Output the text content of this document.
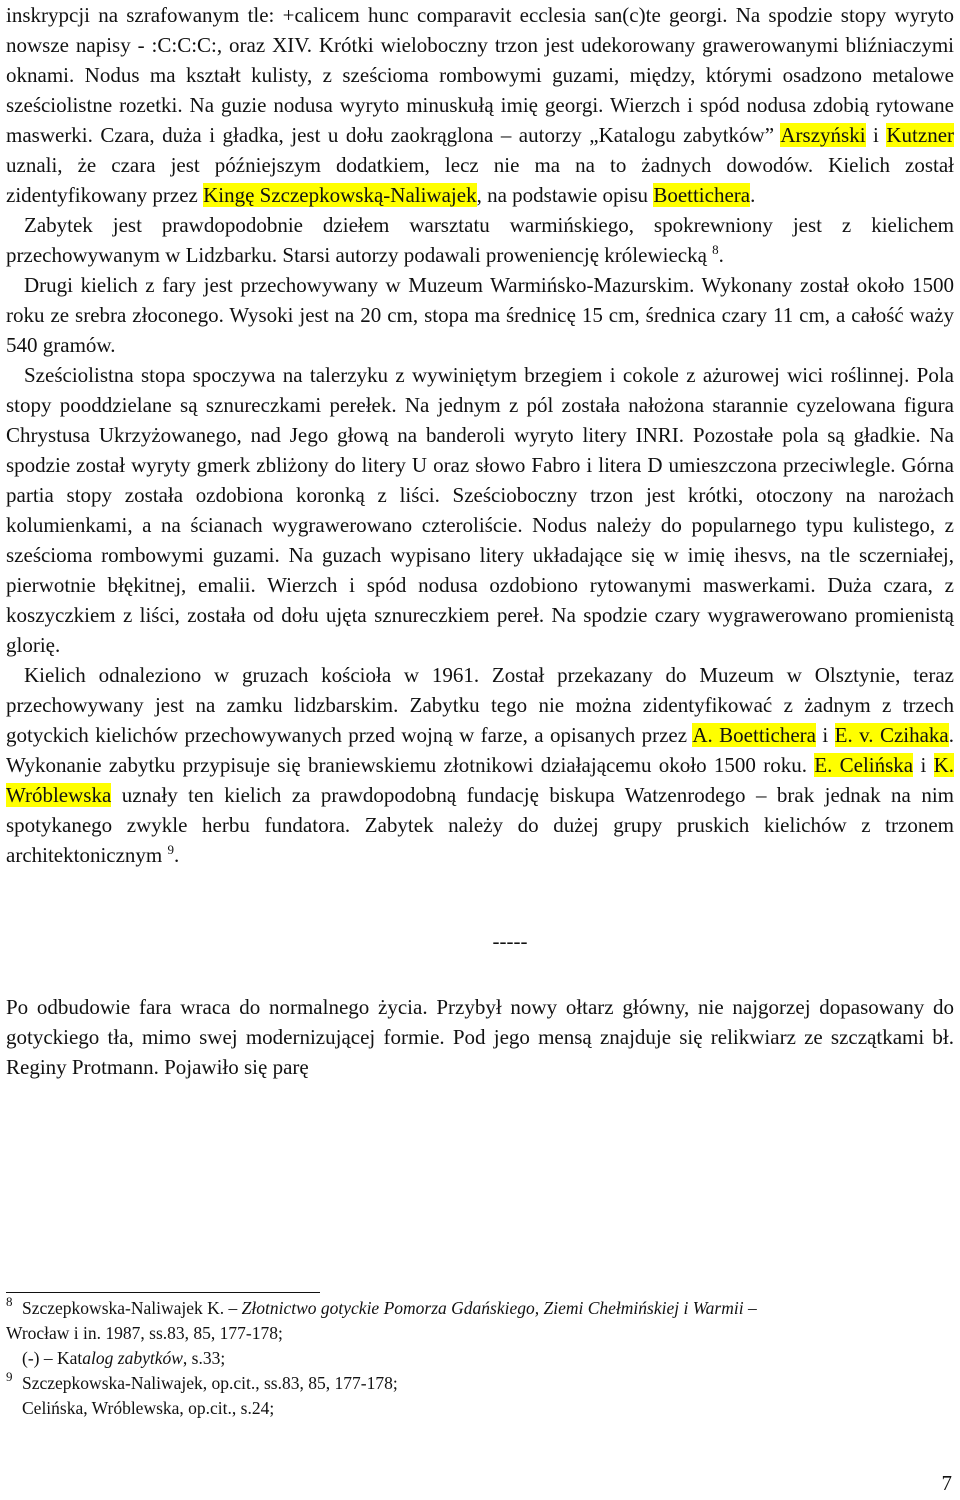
inskrypcji na szrafowanym tle: +calicem hunc comparavit ecclesia san(c)te georgi. Na spodzie stopy wyryto nowsze napisy - :C:C:C:, oraz XIV. Krótki wieloboczny trzon jest udekorowany grawerowanymi bliźniaczymi oknami. Nodus ma kształt kulisty, z sześcioma rombowymi guzami, między, którymi osadzono metalowe sześciolistne rozetki. Na guzie nodusa wyryto minuskułą imię georgi. Wierzch i spód nodusa zdobią rytowane maswerki. Czara, duża i gładka, jest u dołu zaokrąglona – autorzy „Katalogu zabytków” Arszyński i Kutzner uznali, że czara jest późniejszym dodatkiem, lecz nie ma na to żadnych dowodów. Kielich został zidentyfikowany przez Kingę Szczepkowską-Naliwajek, na podstawie opisu Boettichera.

Zabytek jest prawdopodobnie dziełem warsztatu warmińskiego, spokrewniony jest z kielichem przechowywanym w Lidzbarku. Starsi autorzy podawali proweniencję królewiecką $^8$.

Drugi kielich z fary jest przechowywany w Muzeum Warmińsko-Mazurskim. Wykonany został około 1500 roku ze srebra złoconego. Wysoki jest na 20 cm, stopa ma średnicę 15 cm, średnica czary 11 cm, a całość waży 540 gramów.

Sześciolistna stopa spoczywa na talerzyku z wywiniętym brzegiem i cokole z ażurowej wici roślinnej. Pola stopy pooddzielane są sznureczkami perełek. Na jednym z pól została nałożona starannie cyzelowana figura Chrystusa Ukrzyżowanego, nad Jego głową na banderoli wyryto litery INRI. Pozostałe pola są gładkie. Na spodzie został wyryty gmerk zbliżony do litery U oraz słowo Fabro i litera D umieszczona przeciwlegle. Górna partia stopy została ozdobiona koronką z liści. Sześcioboczny trzon jest krótki, otoczony na narożach kolumienkami, a na ścianach wygrawerowano czteroliście. Nodus należy do popularnego typu kulistego, z sześcioma rombowymi guzami. Na guzach wypisano litery układające się w imię ihesvs, na tle sczerniałej, pierwotnie błękitnej, emalii. Wierzch i spód nodusa ozdobiono rytowanymi maswerkami. Duża czara, z koszyczkiem z liści, została od dołu ujęta sznureczkiem pereł. Na spodzie czary wygrawerowano promienistą glorię.

Kielich odnaleziono w gruzach kościoła w 1961. Został przekazany do Muzeum w Olsztynie, teraz przechowywany jest na zamku lidzbarskim. Zabytku tego nie można zidentyfikować z żadnym z trzech gotyckich kielichów przechowywanych przed wojną w farze, a opisanych przez A. Boettichera i E. v. Czihaka. Wykonanie zabytku przypisuje się braniewskiemu złotnikowi działającemu około 1500 roku. E. Celińska i K. Wróblewska uznały ten kielich za prawdopodobną fundację biskupa Watzenrodego – brak jednak na nim spotykanego zwykle herbu fundatora. Zabytek należy do dużej grupy pruskich kielichów z trzonem architektonicznym $^9$.

-----

Po odbudowie fara wraca do normalnego życia. Przybył nowy ołtarz główny, nie najgorzej dopasowany do gotyckiego tła, mimo swej modernizującej formie. Pod jego mensą znajduje się relikwiarz ze szczątkami bł. Reginy Protmann. Pojawiło się parę

8 Szczepkowska-Naliwajek K. – Złotnictwo gotyckie Pomorza Gdańskiego, Ziemi Chełmińskiej i Warmii –
Wrocław i in. 1987, ss.83, 85, 177-178;
(-) – Katalog zabytków, s.33;
9 Szczepkowska-Naliwajek, op.cit., ss.83, 85, 177-178;
Celińska, Wróblewska, op.cit., s.24;
7
